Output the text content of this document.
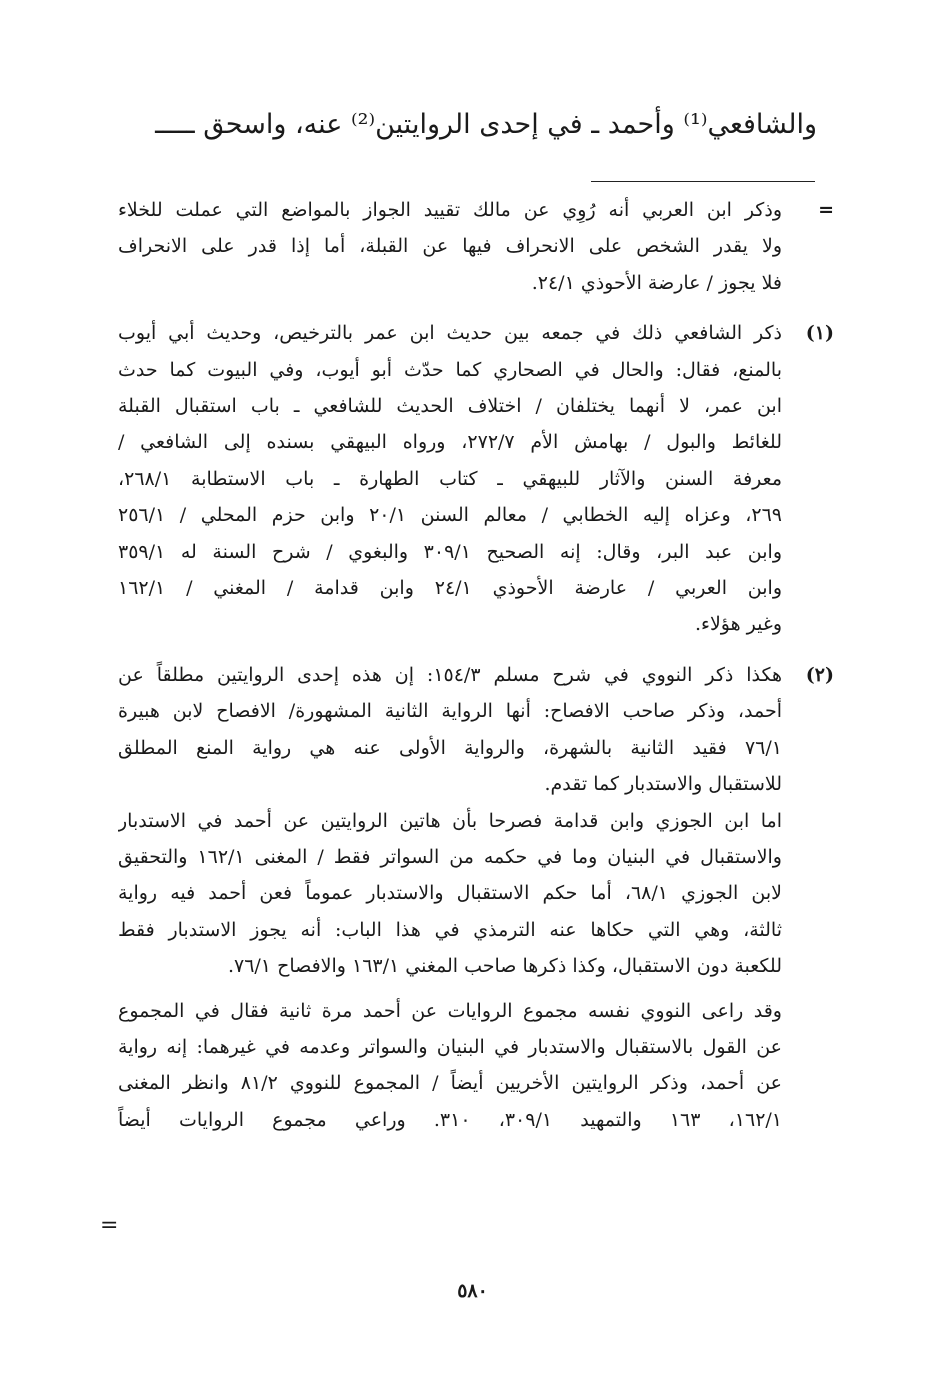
والشافعي⁽¹⁾ وأحمد ـ في إحدى الروايتين⁽²⁾ عنه، واسحق ـــــ
=
وذكر ابن العربي أنه رُوِي عن مالك تقييد الجواز بالمواضع التي عملت للخلاء
ولا يقدر الشخص على الانحراف فيها عن القبلة، أما إذا قدر على الانحراف
فلا يجوز / عارضة الأحوذي ٢٤/١.
(١)
ذكر الشافعي ذلك في جمعه بين حديث ابن عمر بالترخيص، وحديث أبي أيوب
بالمنع، فقال: والحال في الصحاري كما حدّث أبو أيوب، وفي البيوت كما حدث
ابن عمر، لا أنهما يختلفان / اختلاف الحديث للشافعي ـ باب استقبال القبلة
للغائط والبول / بهامش الأم ٢٧٢/٧، ورواه البيهقي بسنده إلى الشافعي /
معرفة السنن والآثار للبيهقي ـ كتاب الطهارة ـ باب الاستطابة ٢٦٨/١،
٢٦٩، وعزاه إليه الخطابي / معالم السنن ٢٠/١ وابن حزم المحلي / ٢٥٦/١
وابن عبد البر، وقال: إنه الصحيح ٣٠٩/١ والبغوي / شرح السنة له ٣٥٩/١
وابن العربي / عارضة الأحوذي ٢٤/١ وابن قدامة / المغني / ١٦٢/١
وغير هؤلاء.
(٢)
هكذا ذكر النووي في شرح مسلم ١٥٤/٣: إن هذه إحدى الروايتين مطلقاً عن
أحمد، وذكر صاحب الافصاح: أنها الرواية الثانية المشهورة/ الافصاح لابن هبيرة
٧٦/١ فقيد الثانية بالشهرة، والرواية الأولى عنه هي رواية المنع المطلق
للاستقبال والاستدبار كما تقدم.
اما ابن الجوزي وابن قدامة فصرحا بأن هاتين الروايتين عن أحمد في الاستدبار
والاستقبال في البنيان وما في حكمه من السواتر فقط / المغنى ١٦٢/١ والتحقيق
لابن الجوزي ٦٨/١، أما حكم الاستقبال والاستدبار عموماً فعن أحمد فيه رواية
ثالثة، وهي التي حكاها عنه الترمذي في هذا الباب: أنه يجوز الاستدبار فقط
للكعبة دون الاستقبال، وكذا ذكرها صاحب المغني ١٦٣/١ والافصاح ٧٦/١.
وقد راعى النووي نفسه مجموع الروايات عن أحمد مرة ثانية فقال في المجموع
عن القول بالاستقبال والاستدبار في البنيان والسواتر وعدمه في غيرهما: إنه رواية
عن أحمد، وذكر الروايتين الأخريين أيضاً / المجموع للنووي ٨١/٢ وانظر المغنى
١٦٢/١، ١٦٣ والتمهيد ٣٠٩/١، ٣١٠. وراعي مجموع الروايات أيضاً
=
٥٨٠
